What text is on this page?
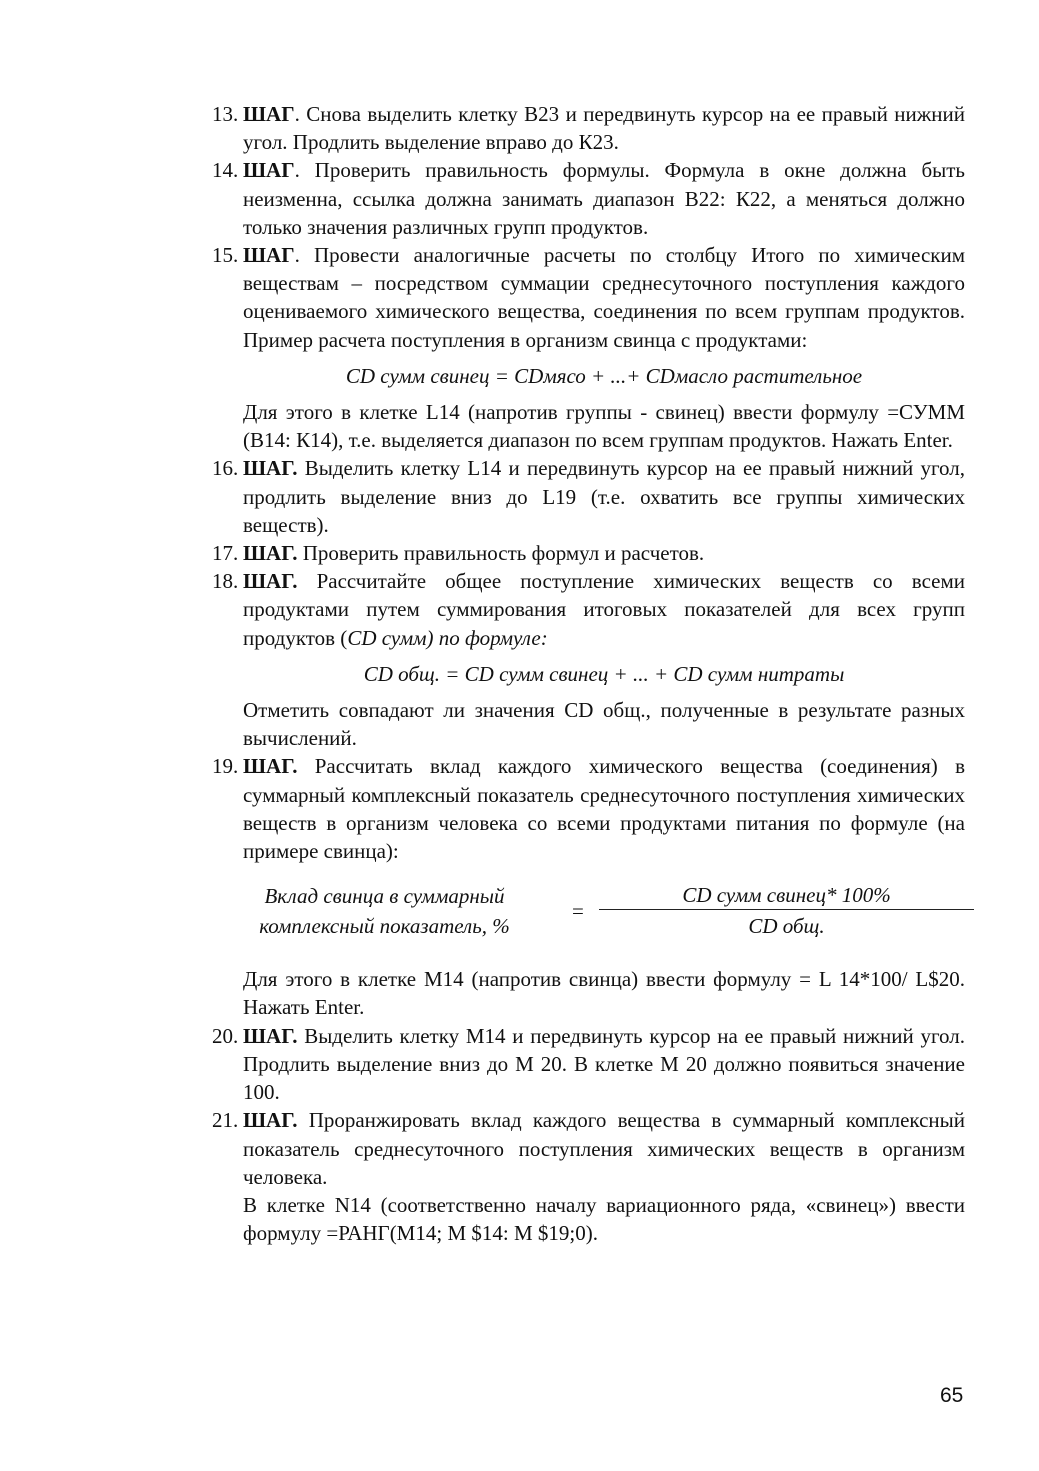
13. ШАГ. Снова выделить клетку В23 и передвинуть курсор на ее правый нижний угол. Продлить выделение вправо до К23.
14. ШАГ. Проверить правильность формулы. Формула в окне должна быть неизменна, ссылка должна занимать диапазон В22: К22, а меняться должно только значения различных групп продуктов.
15. ШАГ. Провести аналогичные расчеты по столбцу Итого по химическим веществам – посредством суммации среднесуточного поступления каждого оцениваемого химического вещества, соединения по всем группам продуктов. Пример расчета поступления в организм свинца с продуктами:
CD сумм свинец = CDмясо + ...+ CDмасло растительное
Для этого в клетке L14 (напротив группы - свинец) ввести формулу =СУММ (В14: К14), т.е. выделяется диапазон по всем группам продуктов. Нажать Enter.
16. ШАГ. Выделить клетку L14 и передвинуть курсор на ее правый нижний угол, продлить выделение вниз до L19 (т.е. охватить все группы химических веществ).
17. ШАГ. Проверить правильность формул и расчетов.
18. ШАГ. Рассчитайте общее поступление химических веществ со всеми продуктами путем суммирования итоговых показателей для всех групп продуктов (CD сумм) по формуле:
CD общ. = CD сумм свинец + ... + CD сумм нитраты
Отметить совпадают ли значения CD общ., полученные в результате разных вычислений.
19. ШАГ. Рассчитать вклад каждого химического вещества (соединения) в суммарный комплексный показатель среднесуточного поступления химических веществ в организм человека со всеми продуктами питания по формуле (на примере свинца):
Вклад свинца в суммарный
комплексный показатель, %
=
CD сумм свинец* 100%
CD общ.
Для этого в клетке М14 (напротив свинца) ввести формулу = L 14*100/ L$20. Нажать Enter.
20. ШАГ. Выделить клетку М14 и передвинуть курсор на ее правый нижний угол. Продлить выделение вниз до М 20. В клетке М 20 должно появиться значение 100.
21. ШАГ. Проранжировать вклад каждого вещества в суммарный комплексный показатель среднесуточного поступления химических веществ в организм человека.
В клетке N14 (соответственно началу вариационного ряда, «свинец») ввести формулу =РАНГ(М14; М $14: М $19;0).
65
